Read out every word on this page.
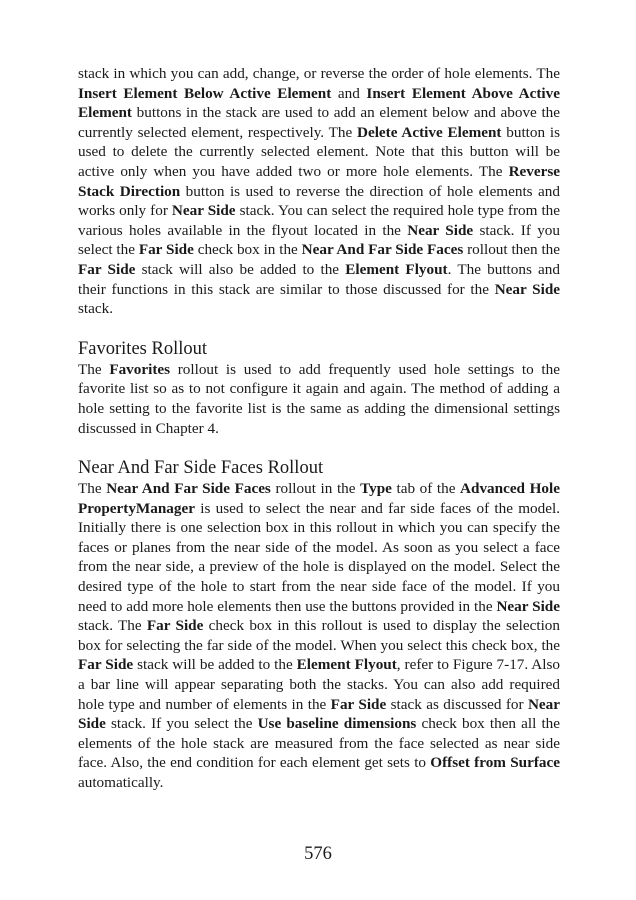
stack in which you can add, change, or reverse the order of hole elements. The Insert Element Below Active Element and Insert Element Above Active Element buttons in the stack are used to add an element below and above the currently selected element, respectively. The Delete Active Element button is used to delete the currently selected element. Note that this button will be active only when you have added two or more hole elements. The Reverse Stack Direction button is used to reverse the direction of hole elements and works only for Near Side stack. You can select the required hole type from the various holes available in the flyout located in the Near Side stack. If you select the Far Side check box in the Near And Far Side Faces rollout then the Far Side stack will also be added to the Element Flyout. The buttons and their functions in this stack are similar to those discussed for the Near Side stack.

Favorites Rollout

The Favorites rollout is used to add frequently used hole settings to the favorite list so as to not configure it again and again. The method of adding a hole setting to the favorite list is the same as adding the dimensional settings discussed in Chapter 4.

Near And Far Side Faces Rollout

The Near And Far Side Faces rollout in the Type tab of the Advanced Hole PropertyManager is used to select the near and far side faces of the model. Initially there is one selection box in this rollout in which you can specify the faces or planes from the near side of the model. As soon as you select a face from the near side, a preview of the hole is displayed on the model. Select the desired type of the hole to start from the near side face of the model. If you need to add more hole elements then use the buttons provided in the Near Side stack. The Far Side check box in this rollout is used to display the selection box for selecting the far side of the model. When you select this check box, the Far Side stack will be added to the Element Flyout, refer to Figure 7-17. Also a bar line will appear separating both the stacks. You can also add required hole type and number of elements in the Far Side stack as discussed for Near Side stack. If you select the Use baseline dimensions check box then all the elements of the hole stack are measured from the face selected as near side face. Also, the end condition for each element get sets to Offset from Surface automatically.

576
